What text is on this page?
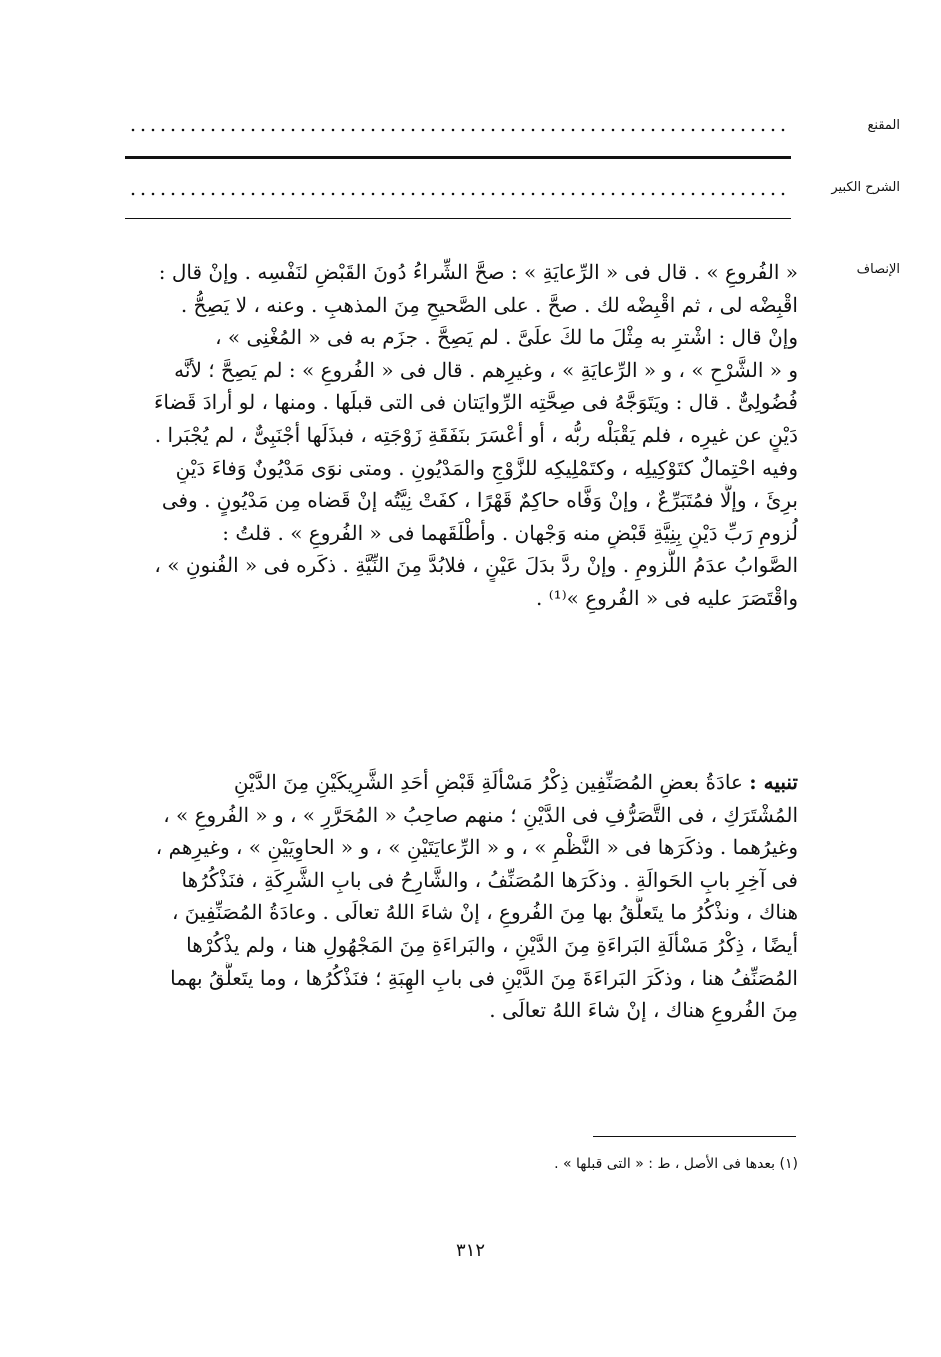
المقنع
الشرح الكبير
الإنصاف
« الفُروعِ » . قال فى « الرِّعايَةِ » : صحَّ الشِّراءُ دُونَ القَبْضِ لنَفْسِه . وإنْ قال :
اقْبِضْه لى ، ثم اقْبِضْه لك . صحَّ . على الصَّحيحِ مِنَ المذهبِ . وعنه ، لا يَصِحُّ .
وإنْ قال : اشْترِ به مِثْلَ ما لكَ علَىَّ . لم يَصِحَّ . جزَم به فى « المُغْنِى » ،
و « الشَّرْحِ » ، و « الرِّعايَةِ » ، وغيرِهم . قال فى « الفُروعِ » : لم يَصِحَّ ؛ لأنَّه
فُضُولِىٌّ . قال : ويَتَوَجَّهُ فى صِحَّتِه الرِّوايَتان فى التى قبلَها . ومنها ، لو أرادَ قَضاءَ
دَيْنٍ عن غيرِه ، فلم يَقْبَلْه ربُّه ، أو أعْسَرَ بنَفَقَةِ زَوْجَتِه ، فبذَلَها أجْنَبِىٌّ ، لم يُجْبَرا .
وفيه احْتِمالٌ كتَوْكِيلِه ، وكتَمْلِيكِه للزَّوْجِ والمَدْيُونِ . ومتى نوَى مَدْيُونٌ وَفاءَ دَيْنٍ
برِئَ ، وإلَّا فمُتَبَرِّعٌ ، وإنْ وَفَّاه حاكِمٌ قَهْرًا ، كفَتْ نِيَّتُه إنْ قَضاه مِن مَدْيُونٍ . وفى
لُزومِ رَبِّ دَيْنٍ بِنِيَّةِ قَبْضٍ منه وَجْهان . وأطْلَقَهما فى « الفُروعِ » . قلتُ :
الصَّوابُ عدَمُ اللُّزومِ . وإنْ ردَّ بدَلَ عَيْنٍ ، فلابُدَّ مِنَ النِّيَّةِ . ذكَره فى « الفُنونِ » ،
واقْتَصَرَ عليه فى « الفُروعِ »⁽¹⁾ .
تنبيه : عادَةُ بعضِ المُصَنِّفِين ذِكْرُ مَسْألَةِ قَبْضِ أحَدِ الشَّرِيكَيْنِ مِنَ الدَّيْنِ
المُشْتَرَكِ ، فى التَّصَرُّفِ فى الدَّيْنِ ؛ منهم صاحِبُ « المُحَرَّرِ » ، و « الفُروعِ » ،
وغيرُهما . وذكَرَها فى « النَّظْمِ » ، و « الرِّعايَتَيْنِ » ، و « الحاوِيَيْنِ » ، وغيرِهم ،
فى آخِرِ بابِ الحَوالَةِ . وذكَرَها المُصَنِّفُ ، والشَّارِحُ فى بابِ الشَّرِكَةِ ، فنَذْكُرُها
هناك ، ونذْكُرُ ما يتَعلَّقُ بها مِنَ الفُروعِ ، إنْ شاءَ اللهُ تعالَى . وعادَةُ المُصَنِّفِينَ ،
أيضًا ، ذِكْرُ مَسْألَةِ البَراءَةِ مِنَ الدَّيْنِ ، والبَراءَةِ مِنَ المَجْهُولِ هنا ، ولم يذْكُرْها
المُصَنِّفُ هنا ، وذكَرَ البَراءَةَ مِنَ الدَّيْنِ فى بابِ الهِبَةِ ؛ فنَذْكُرُها ، وما يتَعلَّقُ بهما
مِنَ الفُروعِ هناك ، إنْ شاءَ اللهُ تعالَى .
(١) بعدها فى الأصل ، ط : « التى قبلها » .
٣١٢
